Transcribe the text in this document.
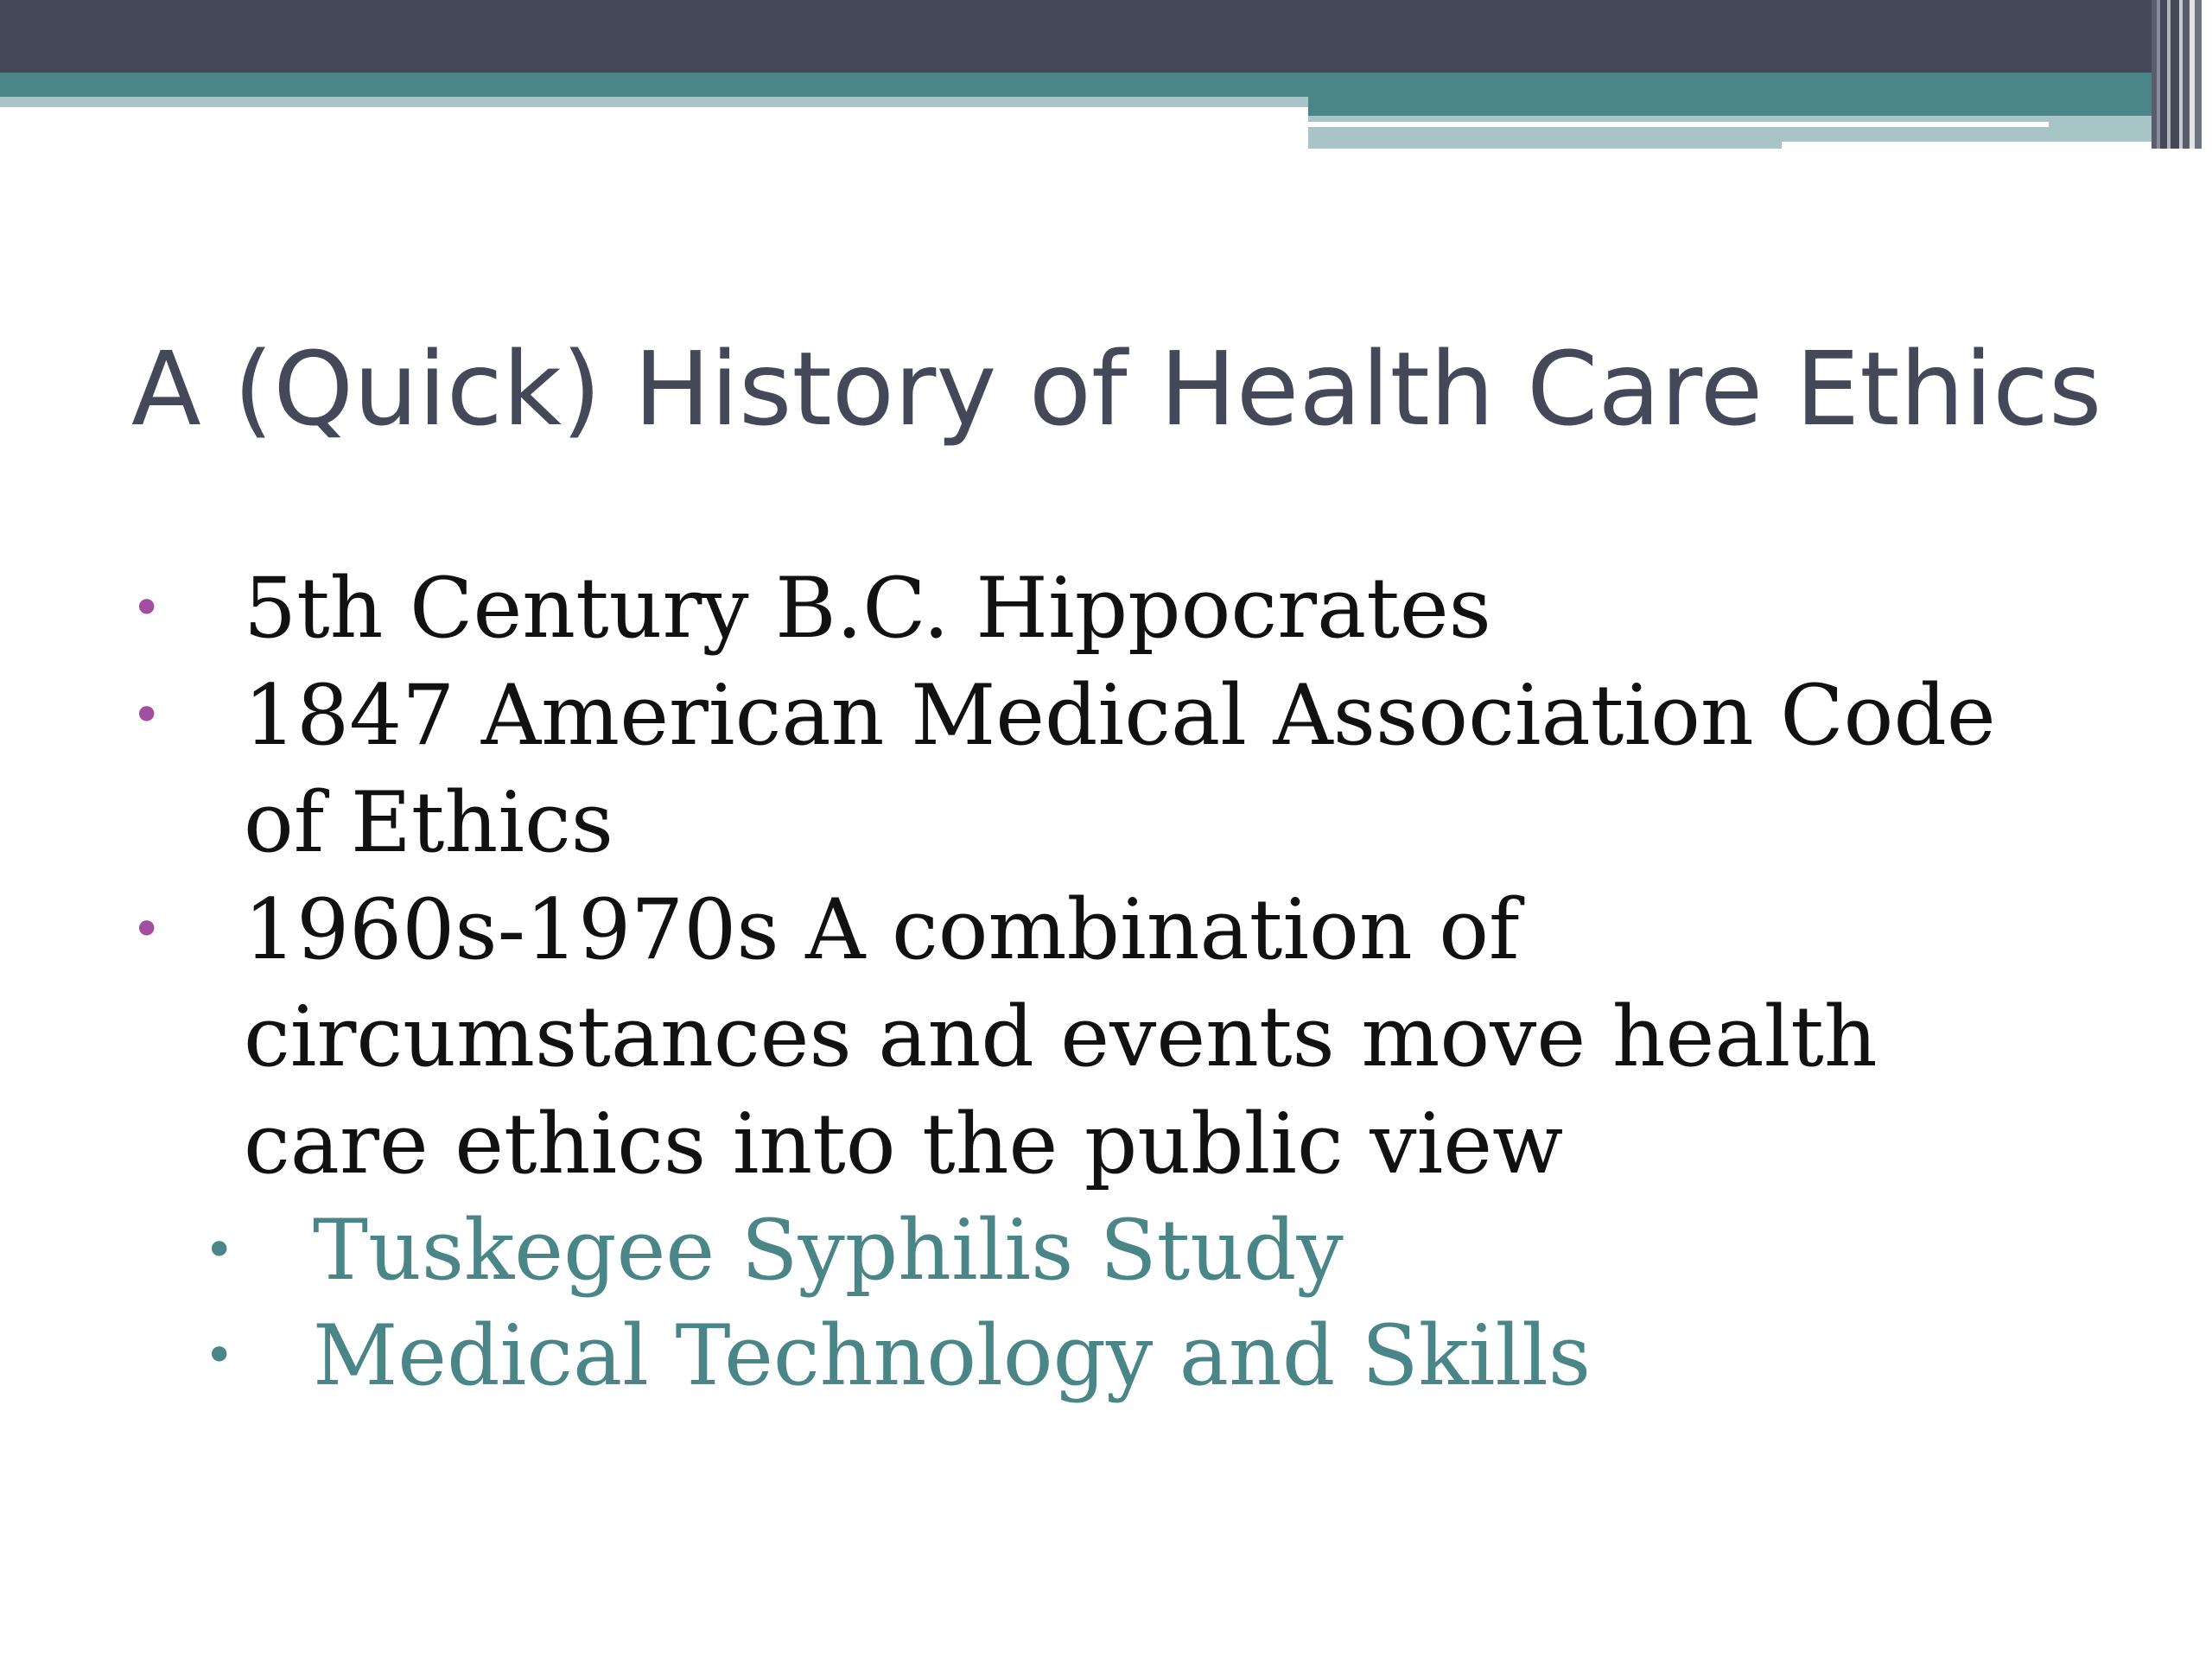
A (Quick) History of Health Care Ethics
• 5th Century B.C. Hippocrates
• 1847 American Medical Association Code of Ethics
• 1960s-1970s A combination of circumstances and events move health care ethics into the public view
• Tuskegee Syphilis Study
• Medical Technology and Skills
